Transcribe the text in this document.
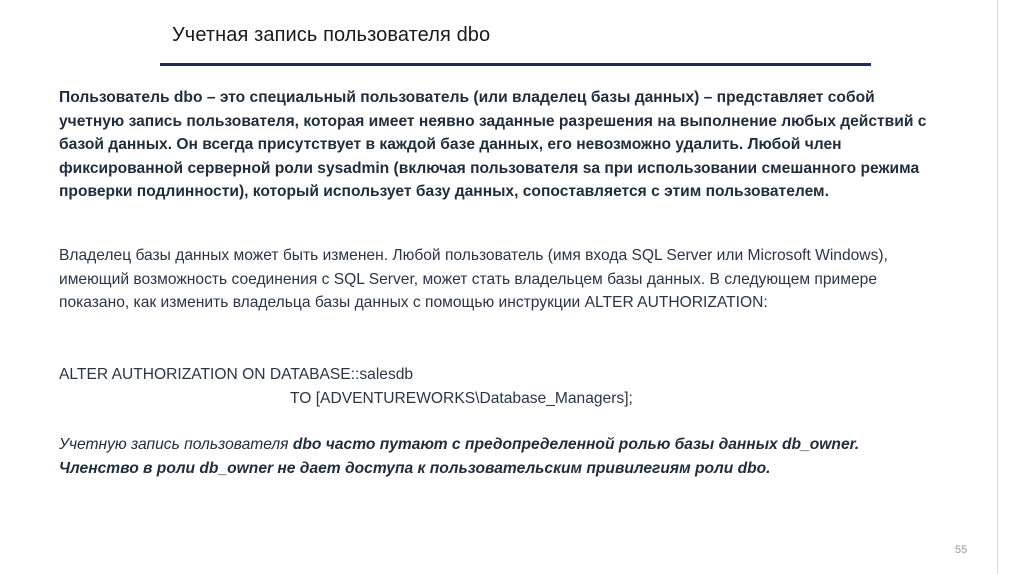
Учетная запись пользователя dbo
Пользователь dbo – это специальный пользователь (или владелец базы данных) – представляет собой учетную запись пользователя, которая имеет неявно заданные разрешения на выполнение любых действий с базой данных. Он всегда присутствует в каждой базе данных, его невозможно удалить. Любой член фиксированной серверной роли sysadmin (включая пользователя sa при использовании смешанного режима проверки подлинности), который использует базу данных, сопоставляется с этим пользователем.
Владелец базы данных может быть изменен. Любой пользователь (имя входа SQL Server или Microsoft Windows), имеющий возможность соединения с SQL Server, может стать владельцем базы данных. В следующем примере показано, как изменить владельца базы данных с помощью инструкции ALTER AUTHORIZATION:
ALTER AUTHORIZATION ON DATABASE::salesdb
TO [ADVENTUREWORKS\Database_Managers];
Учетную запись пользователя dbo часто путают с предопределенной ролью базы данных db_owner. Членство в роли db_owner не дает доступа к пользовательским привилегиям роли dbo.
55
